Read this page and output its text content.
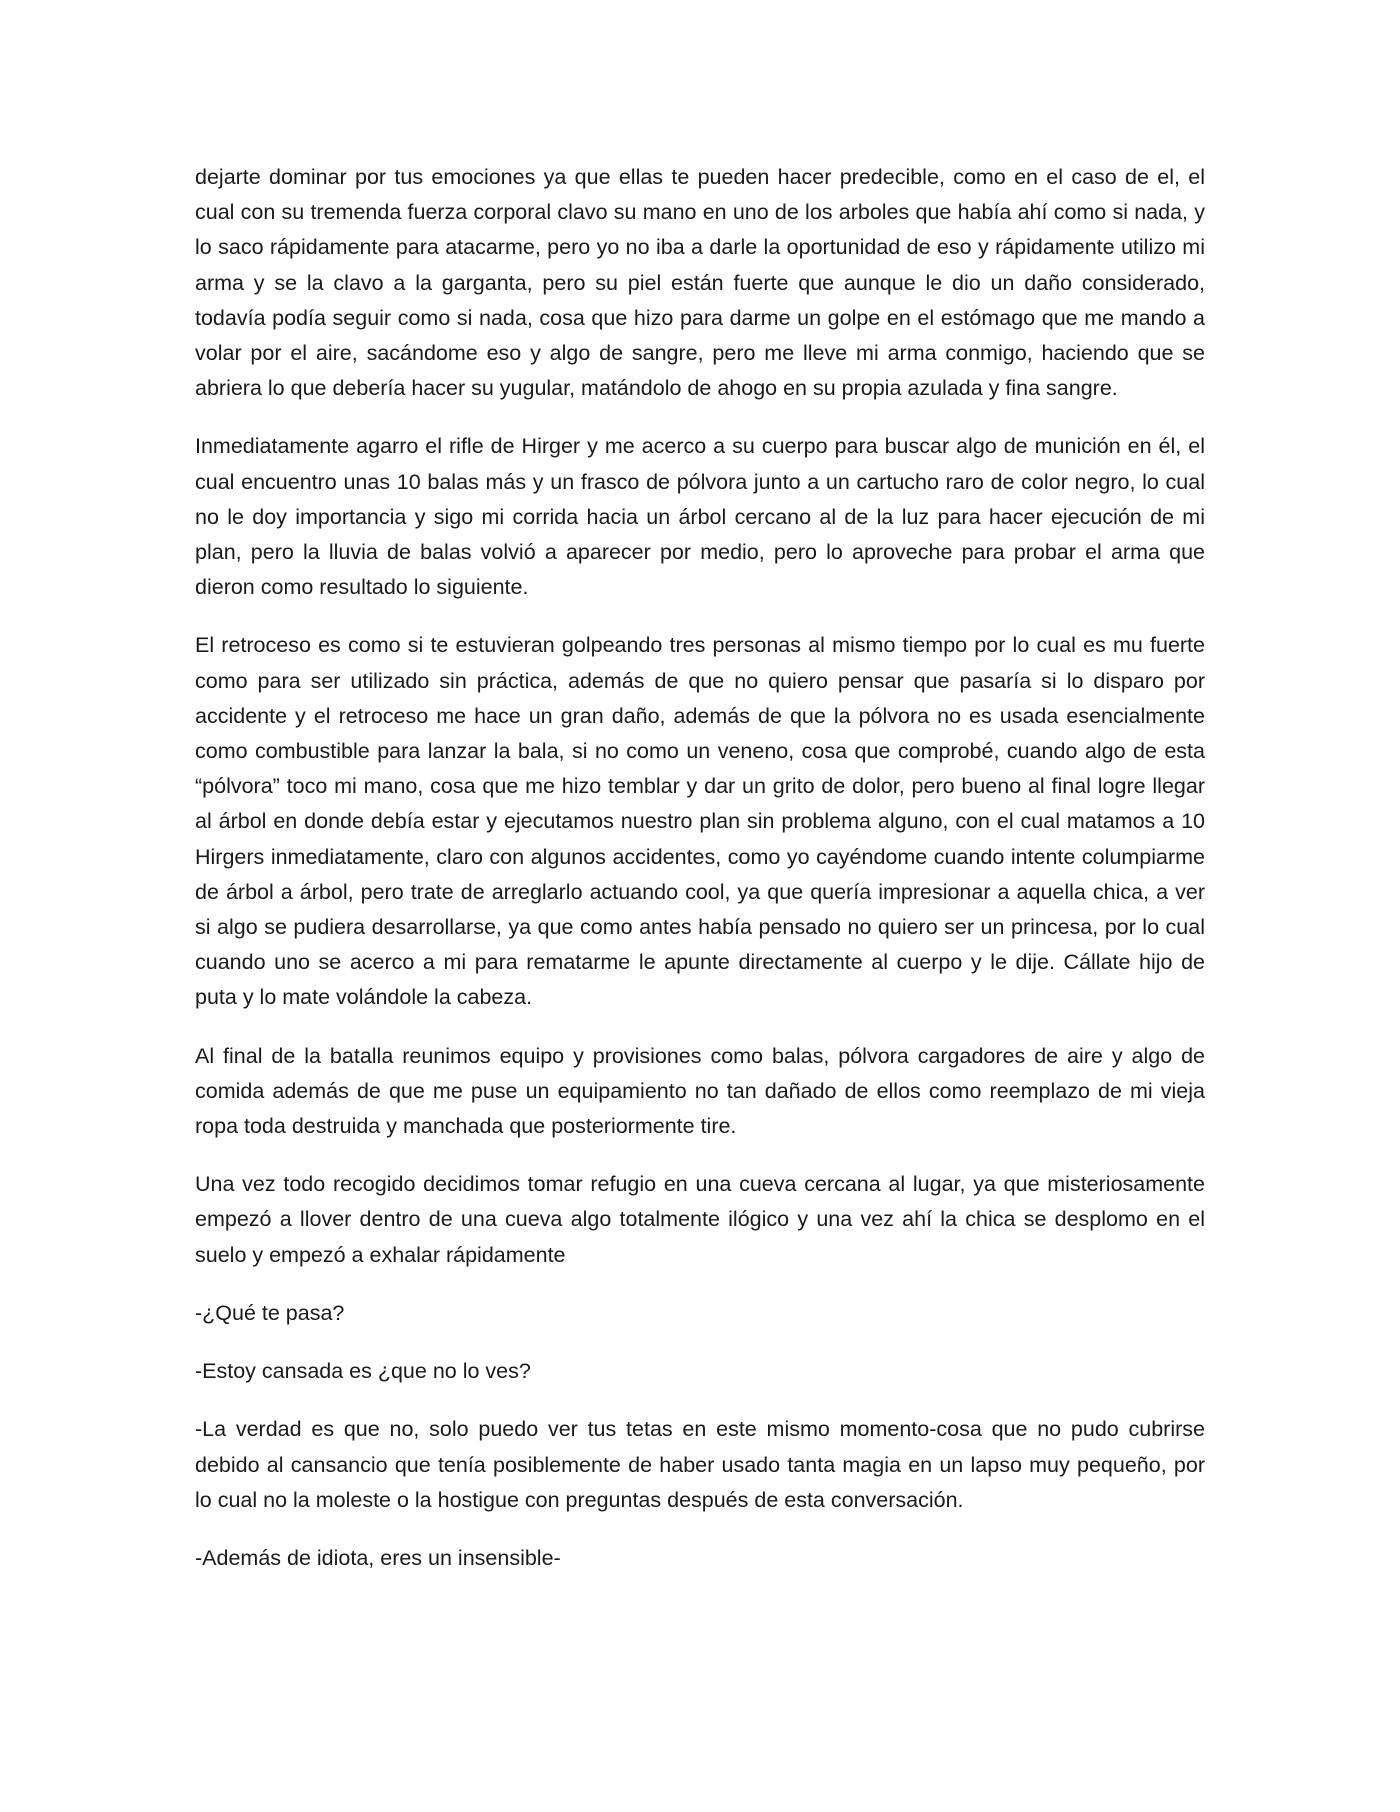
dejarte dominar por tus emociones ya que ellas te pueden hacer predecible, como en el caso de el, el cual con su tremenda fuerza corporal clavo su mano en uno de los arboles que había ahí como si nada, y lo saco rápidamente para atacarme, pero yo no iba a darle la oportunidad de eso y rápidamente utilizo mi arma y se la clavo a la garganta, pero su piel están fuerte que aunque le dio un daño considerado, todavía podía seguir como si nada, cosa que hizo para darme un golpe en el estómago que me mando a volar por el aire, sacándome eso y algo de sangre, pero me lleve mi arma conmigo, haciendo que se abriera lo que debería hacer su yugular, matándolo de ahogo en su propia azulada y fina sangre.

Inmediatamente agarro el rifle de Hirger y me acerco a su cuerpo para buscar algo de munición en él, el cual encuentro unas 10 balas más y un frasco de pólvora junto a un cartucho raro de color negro, lo cual no le doy importancia y sigo mi corrida hacia un árbol cercano al de la luz para hacer ejecución de mi plan, pero la lluvia de balas volvió a aparecer por medio, pero lo aproveche para probar el arma que dieron como resultado lo siguiente.

El retroceso es como si te estuvieran golpeando tres personas al mismo tiempo por lo cual es mu fuerte como para ser utilizado sin práctica, además de que no quiero pensar que pasaría si lo disparo por accidente y el retroceso me hace un gran daño, además de que la pólvora no es usada esencialmente como combustible para lanzar la bala, si no como un veneno, cosa que comprobé, cuando algo de esta “pólvora” toco mi mano, cosa que me hizo temblar y dar un grito de dolor, pero bueno al final logre llegar al árbol en donde debía estar y ejecutamos nuestro plan sin problema alguno, con el cual matamos a 10 Hirgers inmediatamente, claro con algunos accidentes, como yo cayéndome cuando intente columpiarme de árbol a árbol, pero trate de arreglarlo actuando cool, ya que quería impresionar a aquella chica, a ver si algo se pudiera desarrollarse, ya que como antes había pensado no quiero ser un princesa, por lo cual cuando uno se acerco a mi para rematarme le apunte directamente al cuerpo y le dije. Cállate hijo de puta y lo mate volándole la cabeza.

Al final de la batalla reunimos equipo y provisiones como balas, pólvora cargadores de aire y algo de comida además de que me puse un equipamiento no tan dañado de ellos como reemplazo de mi vieja ropa toda destruida y manchada que posteriormente tire.

Una vez todo recogido decidimos tomar refugio en una cueva cercana al lugar, ya que misteriosamente empezó a llover dentro de una cueva algo totalmente ilógico y una vez ahí la chica se desplomo en el suelo y empezó a exhalar rápidamente

-¿Qué te pasa?

-Estoy cansada es ¿que no lo ves?

-La verdad es que no, solo puedo ver tus tetas en este mismo momento-cosa que no pudo cubrirse debido al cansancio que tenía posiblemente de haber usado tanta magia en un lapso muy pequeño, por lo cual no la moleste o la hostigue con preguntas después de esta conversación.

-Además de idiota, eres un insensible-
